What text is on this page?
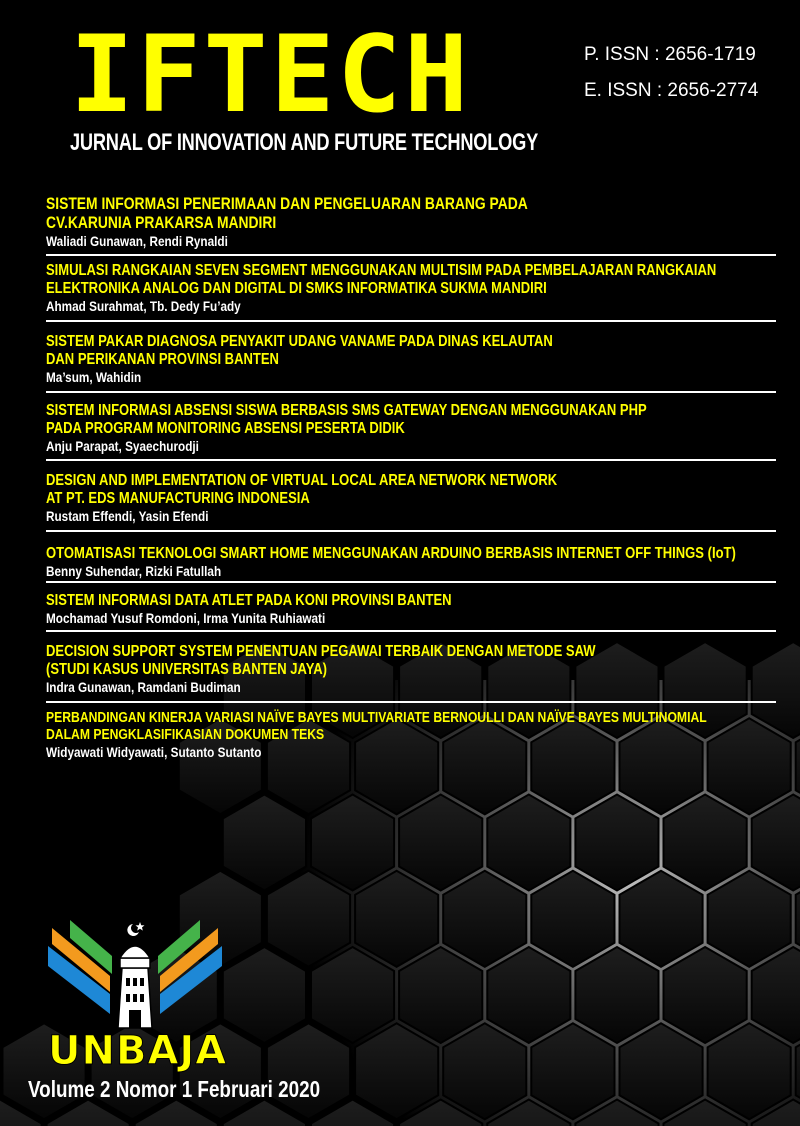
IFTECH
JURNAL OF INNOVATION AND FUTURE TECHNOLOGY
P. ISSN : 2656-1719
E. ISSN : 2656-2774
SISTEM INFORMASI PENERIMAAN DAN PENGELUARAN BARANG PADA
CV.KARUNIA PRAKARSA MANDIRI
Waliadi Gunawan, Rendi Rynaldi
SIMULASI RANGKAIAN SEVEN SEGMENT MENGGUNAKAN MULTISIM PADA PEMBELAJARAN RANGKAIAN
ELEKTRONIKA ANALOG DAN DIGITAL DI SMKS INFORMATIKA SUKMA MANDIRI
Ahmad Surahmat, Tb. Dedy Fu’ady
SISTEM PAKAR DIAGNOSA PENYAKIT UDANG VANAME PADA DINAS KELAUTAN
DAN PERIKANAN PROVINSI BANTEN
Ma’sum, Wahidin
SISTEM INFORMASI ABSENSI SISWA BERBASIS SMS GATEWAY DENGAN MENGGUNAKAN PHP
PADA PROGRAM MONITORING ABSENSI PESERTA DIDIK
Anju Parapat, Syaechurodji
DESIGN AND IMPLEMENTATION OF VIRTUAL LOCAL AREA NETWORK NETWORK
AT PT. EDS MANUFACTURING INDONESIA
Rustam Effendi, Yasin Efendi
OTOMATISASI TEKNOLOGI SMART HOME MENGGUNAKAN ARDUINO BERBASIS INTERNET OFF THINGS (IoT)
Benny Suhendar, Rizki Fatullah
SISTEM INFORMASI DATA ATLET PADA KONI PROVINSI BANTEN
Mochamad Yusuf Romdoni, Irma Yunita Ruhiawati
DECISION SUPPORT SYSTEM PENENTUAN PEGAWAI TERBAIK DENGAN METODE SAW
(STUDI KASUS UNIVERSITAS BANTEN JAYA)
Indra Gunawan, Ramdani Budiman
PERBANDINGAN KINERJA VARIASI NAÏVE BAYES MULTIVARIATE BERNOULLI DAN NAÏVE BAYES MULTINOMIAL
DALAM PENGKLASIFIKASIAN DOKUMEN TEKS
Widyawati Widyawati, Sutanto Sutanto
UNBAJA
Volume 2 Nomor 1 Februari 2020
